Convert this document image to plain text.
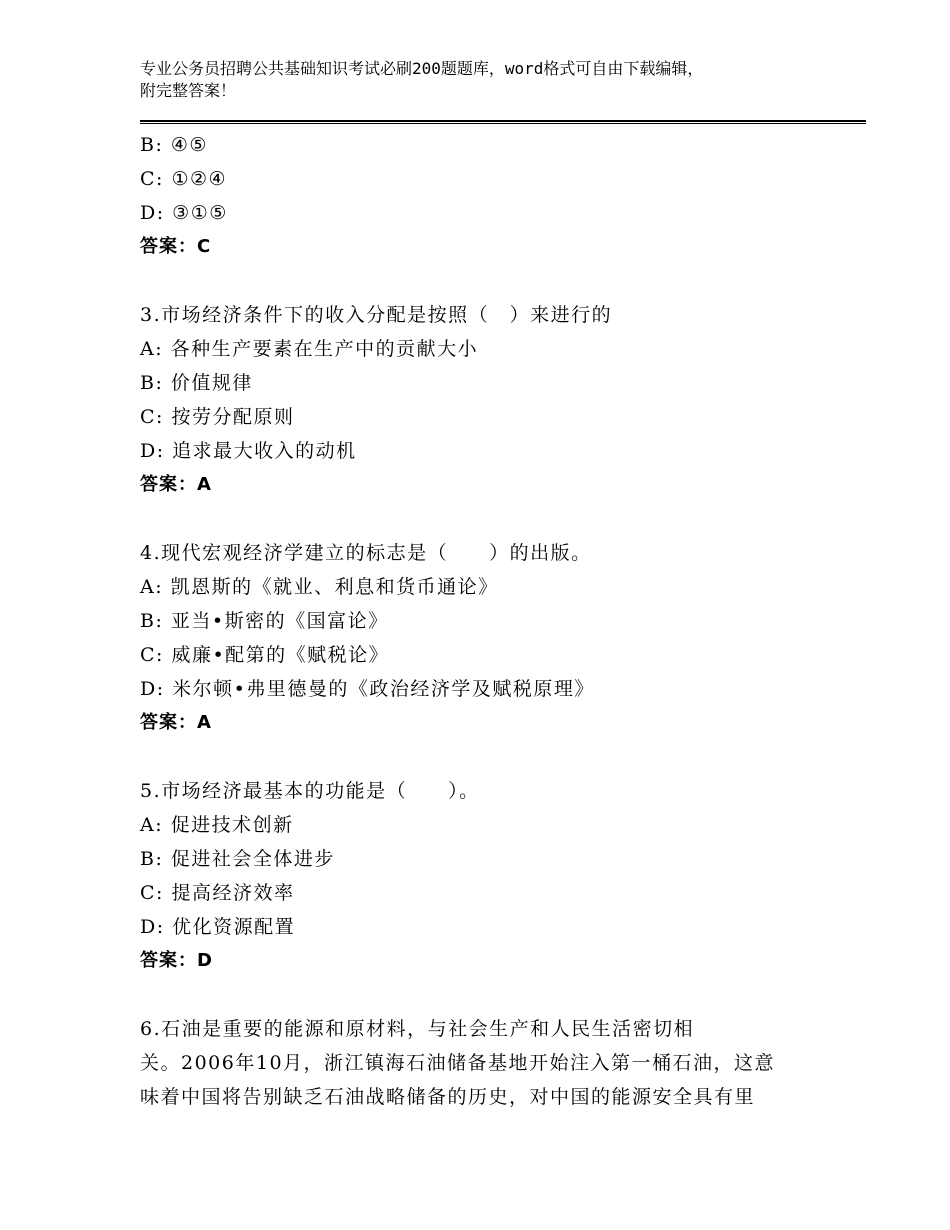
专业公务员招聘公共基础知识考试必刷200题题库，word格式可自由下载编辑，
附完整答案！
B: ④⑤
C: ①②④
D: ③①⑤
答案：C
3.市场经济条件下的收入分配是按照（　）来进行的
A: 各种生产要素在生产中的贡献大小
B: 价值规律
C: 按劳分配原则
D: 追求最大收入的动机
答案：A
4.现代宏观经济学建立的标志是（　　）的出版。
A: 凯恩斯的《就业、利息和货币通论》
B: 亚当•斯密的《国富论》
C: 威廉•配第的《赋税论》
D: 米尔顿•弗里德曼的《政治经济学及赋税原理》
答案：A
5.市场经济最基本的功能是（　　）。
A: 促进技术创新
B: 促进社会全体进步
C: 提高经济效率
D: 优化资源配置
答案：D
6.石油是重要的能源和原材料，与社会生产和人民生活密切相
关。2006年10月，浙江镇海石油储备基地开始注入第一桶石油，这意
味着中国将告别缺乏石油战略储备的历史，对中国的能源安全具有里
